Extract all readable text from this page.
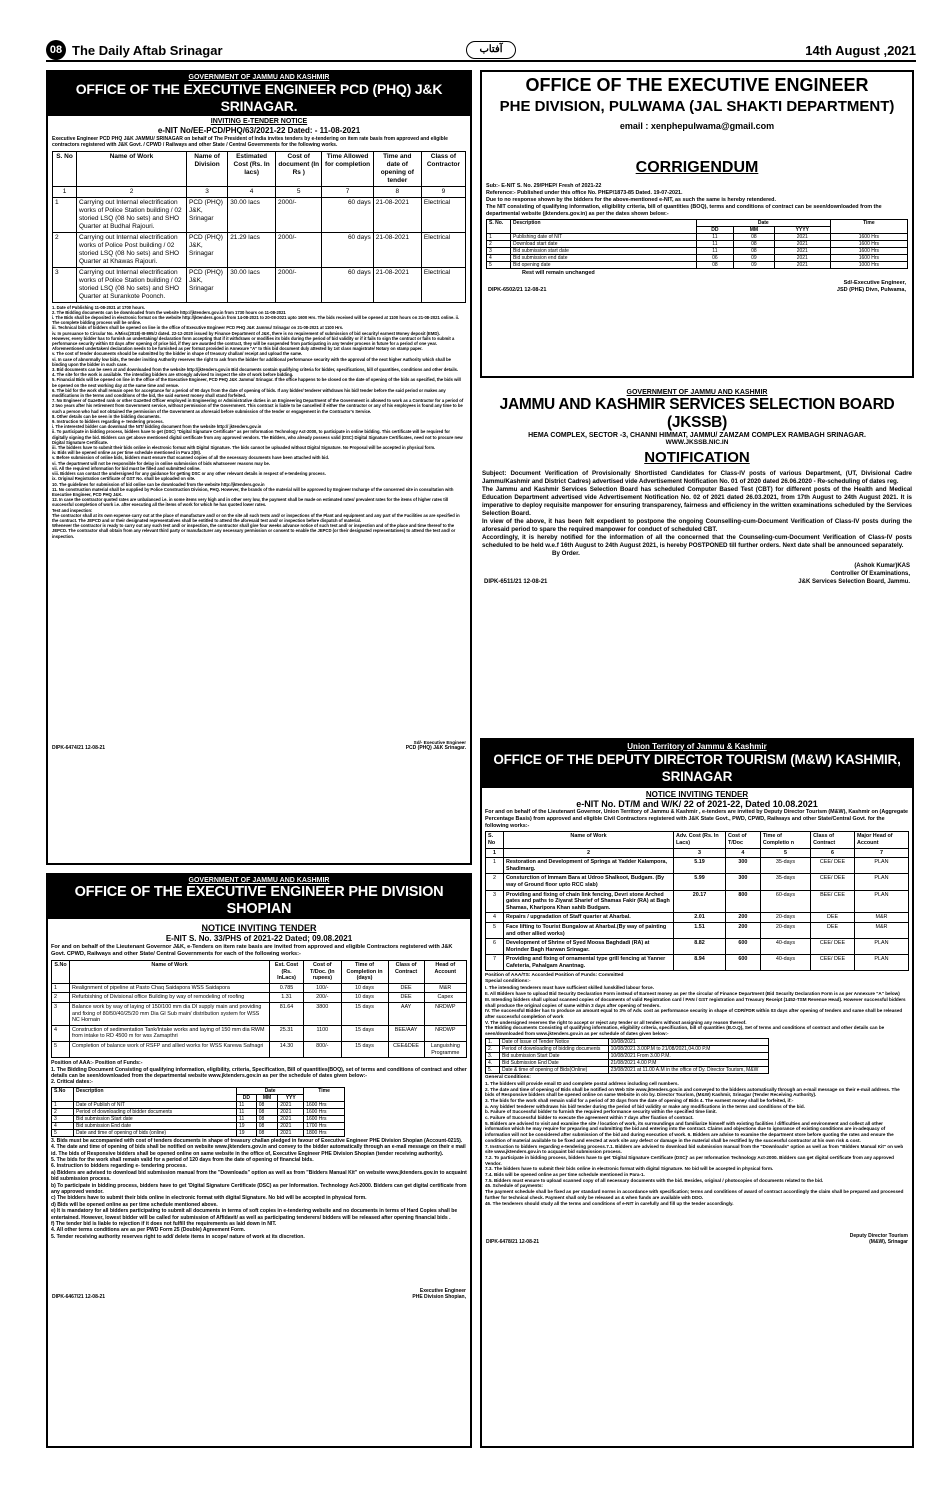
08 The Daily Aftab Srinagar	آفتاب	14th August ,2021
GOVERNMENT OF JAMMU AND KASHMIR
OFFICE OF THE EXECUTIVE ENGINEER PCD (PHQ) J&K SRINAGAR.
INVITING E-TENDER NOTICE
e-NIT No/EE-PCD/PHQ/63/2021-22 Dated: - 11-08-2021

Executive Engineer PCD PHQ J&K JAMMU/ SRINAGAR on behalf of The President of India invites tenders by e-tendering on item rate basis from approved and eligible contractors registered with J&K Govt. / CPWD / Railways and other State / Central Governments for the following works.

S. No	Name of Work	Name of Division	Estimated Cost (Rs. In lacs)	Cost of document (In Rs )	Time Allowed for completion	Time and date of opening of tender	Class of Contractor
1	2	3	4	5	7	8	9
1	Carrying out Internal electrification works of Police Station building / 02 storied LSQ (08 No sets) and SHO Quarter at Budhal Rajouri.	PCD (PHQ) J&K, Srinagar	30.00 lacs	2000/-	60 days	21-08-2021	Electrical
2	Carrying out Internal electrification works of Police Post building / 02 storied LSQ (08 No sets) and SHO Quarter at Khawas Rajouri.	PCD (PHQ) J&K, Srinagar	21.29 lacs	2000/-	60 days	21-08-2021	Electrical
3	Carrying out Internal electrification works of Police Station building / 02 storied LSQ (08 No sets) and SHO Quarter at Surankote Poonch.	PCD (PHQ) J&K, Srinagar	30.00 lacs	2000/-	60 days	21-08-2021	Electrical

1. Date of Publishing 11-08-2021 at 1700 hours.

2. The Bidding documents can be downloaded from the website http://jktenders.gov.in from 1730 hours on 11-08-2021

i. The Bids shall be deposited in electronic format on the website http://jktenders.gov.in from 14-08-2021 to 20-08-2021 upto 1600 Hrs. The bids received will be opened at 1100 hours on 21-08-2021 online. ii. The complete bidding process will be online.

iii. Technical bids of bidders shall be opened on line in the office of Executive Engineer PCD PHQ J&K Jammu/ Srinagar on 21-08-2021 at 1100 Hrs.

iv. In pursuance to Circular No. A/Misc(2018)-III-895/J dated. 22-12-2020 issued by Finance Department of J&K, there is no requirement of submission of bid security/ earnest Money deposit (EMD).

However, every bidder has to furnish an undertaking/ declaration form accepting that if it withdraws or modifies its bids during the period of bid validity or if it fails to sign the contract or fails to submit a performance security within 03 days after opening of price bid, if they are awarded the contract, they will be suspended from participating in any tender process in future for a period of one year. Aforementioned undertaken/ declaration needs to be furnished as per format provided in Annexure "A" to this bid document duly attested by 1st class magistrate/ Notary on stamp paper.

v. The cost of tender documents should be submitted by the bidder in shape of treasury challan/ receipt and upload the same.

vi. In case of abnormally low bids, the tender inviting Authority reserves the right to ask from the bidder for additional performance security with the approval of the next higher Authority which shall be binding upon the bidder in such case.

3. Bid documents can be seen at and downloaded from the website http://jktenders.gov.in Bid documents contain qualifying criteria for bidder, specifications, bill of quantities, conditions and other details.

4. The site for the work is available. The intending bidders are strongly advised to inspect the site of work before bidding.

5. Financial Bids will be opened on line in the office of the Executive Engineer, PCD PHQ J&K Jammu/ Srinagar. If the office happens to be closed on the date of opening of the bids as specified, the bids will be opened on the next working day at the same time and venue.

6. The bid for the work shall remain open for acceptance for a period of 90 days from the date of opening of bids. If any bidder/ tenderer withdraws his bid/ tender before the said period or makes any modifications in the terms and conditions of the bid, the said earnest money shall stand forfeited.

7. No Engineer of Gazetted rank or other Gazetted Officer employed in Engineering or Administrative duties in an Engineering Department of the Government is allowed to work as a Contractor for a period of 2 two years after his retirement from Government service, without permission of the Government. This contract is liable to be cancelled if either the contractor or any of his employees is found any time to be such a person who had not obtained the permission of the Government as aforesaid before submission of the tender or engagement in the Contractor's Service.

8. Other details can be seen in the bidding documents.

9. Instruction to bidders regarding e- tendering process.

i. The interested bidder can download the NIT/ bidding document from the website http:// jktenders.gov.in

ii. To participate in bidding process, bidders have to get (DSC) "Digital Signature Certificate" as per Information Technology Act-2000, to participate in online bidding. This certificate will be required for digitally signing the bid. Bidders can get above mentioned digital certificate from any approved vendors. The Bidders, who already possess valid (DSC) Digital Signature Certificates, need not to procure new Digital Signature Certificate.

iii. The bidders have to submit their bids online in electronic format with Digital Signature. The bids cannot be uploaded without Digital Signature. No Proposal will be accepted in physical form.

iv. Bids will be opened online as per time schedule mentioned in Para 2(III).

v. Before submission of online bids, bidders must ensure that scanned copies of all the necessary documents have been attached with bid.

vi. The department will not be responsible for delay in online submission of bids whatsoever reasons may be.

vii. All the required information for bid must be filled and submitted online.

viii. Bidders can contact the undersigned for any guidance for getting DSC or any other relevant details in respect of e-tendering process.

ix. Original Registration certificate of GST No. shall be uploaded on site.

10. The guidelines for submission of bid online can be downloaded from the website http://jktenders.gov.in

11. No construction material shall be supplied by Police Construction Division, PHQ. However, the brands of the material will be approved by Engineer Incharge of the concerned site in consultation with Executive Engineer, PCD PHQ J&K.

12. In case the contractor quoted rates are unbalanced i.e. in some items very high and in other very low, the payment shall be made on estimated rates/ prevalent rates for the items of higher rates till successful completion of work i.e. after executing all the items of work for which he has quoted lower rates.

Test and inspection:

The contractor shall at its own expense carry out at the place of manufacture and/ or on the site all such tests and/ or inspections of the Plant and equipment and any part of the Facilities as are specified in the contract. The JEPCD and or their designated representatives shall be entitled to attend the aforesaid test and/ or inspection before dispatch of material.

Whenever the contractor is ready to carry out any such test and/ or inspection, the contractor shall give four weeks advance notice of such test and/ or inspection and of the place and time thereof to the JEPCD. The contractor shall obtain from any relevant third party or manufacturer any necessary permission or consent to enable the JEPCD (or their designated representatives) to attend the test and/ or inspection.

Sd/- Executive Engineer
DIPK-6474/21 12-08-21	PCD (PHQ) J&K Srinagar.
OFFICE OF THE EXECUTIVE ENGINEER
PHE DIVISION, PULWAMA (JAL SHAKTI DEPARTMENT)
email : xenphepulwama@gmail.com
CORRIGENDUM

Sub:- E-NIT S. No. 29/PHEP/ Fresh of 2021-22

Reference:- Published under this office No. PHEP/1873-85 Dated. 19-07-2021.

Due to no response shown by the bidders for the above-mentioned e-NIT, as such the same is hereby retendered.

The NIT consisting of qualifying information, eligibility criteria, bill of quantities (BOQ), terms and conditions of contract can be seen/downloaded from the departmental website (jktenders.gov.in) as per the dates shown below:-

S. No.	Description	Date			Time
		DD	MM	YYYY	
1	Publishing date of NIT	11	08	2021	1600 Hrs
2	Download start date	11	08	2021	1600 Hrs
3	Bid submission start date	11	08	2021	1600 Hrs
4	Bid submission end date	06	09	2021	1600 Hrs
5	Bid opening date	08	09	2021	1000 Hrs
Rest will remain unchanged
Sd/-Executive Engineer,
DIPK-6502/21 12-08-21	JSD (PHE) Divn, Pulwama,
GOVERNMENT OF JAMMU AND KASHMIR
JAMMU AND KASHMIR SERVICES SELECTION BOARD (JKSSB)
HEMA COMPLEX, SECTOR -3, CHANNI HIMMAT, JAMMU/ ZAMZAM COMPLEX RAMBAGH SRINAGAR.
WWW.JKSSB.NIC.IN
NOTIFICATION

Subject: Document Verification of Provisionally Shortlisted Candidates for Class-IV posts of various Department, (UT, Divisional Cadre Jammu/Kashmir and District Cadres) advertised vide Advertisement Notification No. 01 of 2020 dated 26.06.2020 - Re-scheduling of dates reg.

The Jammu and Kashmir Services Selection Board has scheduled Computer Based Test (CBT) for different posts of the Health and Medical Education Department advertised vide Advertisement Notification No. 02 of 2021 dated 26.03.2021, from 17th August to 24th August 2021. It is imperative to deploy requisite manpower for ensuring transparency, fairness and efficiency in the written examinations scheduled by the Services Selection Board.

In view of the above, it has been felt expedient to postpone the ongoing Counselling-cum-Document Verification of Class-IV posts during the aforesaid period to spare the required manpower for conduct of scheduled CBT.

Accordingly, it is hereby notified for the information of all the concerned that the Counseling-cum-Document Verification of Class-IV posts scheduled to be held w.e.f 16th August to 24th August 2021, is hereby POSTPONED till further orders. Next date shall be announced separately.

By Order.

(Ashok Kumar)KAS
Controller Of Examinations,
DIPK-6511/21 12-08-21	J&K Services Selection Board, Jammu.
GOVERNMENT OF JAMMU AND KASHMIR
OFFICE OF THE EXECUTIVE ENGINEER PHE DIVISION SHOPIAN
NOTICE INVITING TENDER
E-NIT S. No. 33/PHS of 2021-22 Dated; 09.08.2021

For and on behalf of the Lieutenant Governor J&K, e-Tenders on item rate basis are invited from approved and eligible Contractors registered with J&K Govt. CPWD, Railways and other State/ Central Governments for each of the following works:-

S.No	Name of Work	Est. Cost (Rs. InLacs)	Cost of T/Doc. (In rupees)	Time of Completion in (days)	Class of Contract	Head of Account
1	Realignment of pipeline at Pasto Chaq Saidapora WSS Saidapora	0.785	100/-	10 days	DEE	M&R
2	Refurbishing of Divisional office Building by way of remodeling of roofing	1.31	200/-	10 days	DEE	Capex
3	Balance work by way of laying of 150/100 mm dia DI supply main and providing and fixing of 80/50/40/25/20 mm Dia GI Sub main/ distribution system for WSS NC Hornain	81.64	3800	15 days	AAY	NRDWP
4	Construction of sedimentation Tank/Intake works and laying of 150 mm dia RWM from intake to RD 4500 m for wss Zamapthri	25.31	1100	15 days	BEE/AAY	NRDWP
5	Completion of balance work of RSFP and allied works for WSS Karewa Safnagri	14.30	800/-	15 days	CEE&DEE	Languishing Programme

Position of AAA:- Position of Funds:-

1. The Bidding Document Consisting of qualifying information, eligibility, criteria, Specification, Bill of quantities(BOQ), set of terms and conditions of contract and other details can be seen/downloaded from the departmental website www.jktenders.gov.in as per the schedule of dates given below:-

2. Critical dates:-

S.No	Description	Date			Time
		DD	MM	YYY	
1	Date of Publish of NIT	11	08	2021	1600 Hrs
2	Period of downloading of bidder documents	11	08	2021	1600 Hrs
3	Bid submission Start date	11	08	2021	1600 Hrs
4	Bid submission End date	19	08	2021	1700 Hrs
5	Date and time of opening of bids (online)	19	08	2021	1800 Hrs

3. Bids must be accompanied with cost of tenders documents in shape of treasury challan pledged in favour of Executive Engineer PHE Division Shopian (Account-0215).

4. The date and time of opening of bids shall be notified on website www.jktenders.gov.in and convey to the bidder automatically through an e-mail message on their e mail id. The bids of Responsive bidders shall be opened online on same website in the office of, Executive Engineer PHE Division Shopian (tender receiving authority).

5. The bids for the work shall remain valid for a period of 120 days from the date of opening of financial bids.

6. Instruction to bidders regarding e- tendering process.

a) Bidders are advised to download bid submission manual from the "Downloads" option as well as from "Bidders Manual Kit" on website www.jktenders.gov.in to acquaint bid submission process.

b) To participate in bidding process, bidders have to get 'Digital Signature Certificate (DSC) as per Information. Technology Act-2000. Bidders can get digital certificate from any approved vendor.

c) The bidders have to submit their bids online in electronic format with digital Signature. No bid will be accepted in physical form.

d) Bids will be opened online as per time schedule mentioned above.

e) It is mandatory for all bidders participating to submit all documents in terms of soft copies in e-tendering website and no documents in terms of Hard Copies shall be entertained. However, lowest bidder will be called for submission of Affidavit/ as well as participating tenderers/ bidders will be released after opening financial bids .

f) The tender bid is liable to rejection if it does not fulfill the requirements as laid down in NIT.

4. All other terms conditions are as per PWD Form 25 (Double) Agreement Form.

5. Tender receiving authority reserves right to add/ delete items in scope/ nature of work at its discretion.

Executive Engineer
DIPK-6467/21 12-08-21	PHE Division Shopian,
Union Territory of Jammu & Kashmir
OFFICE OF THE DEPUTY DIRECTOR TOURISM (M&W) KASHMIR, SRINAGAR
NOTICE INVITING TENDER
e-NIT No. DT/M and W/K/ 22 of 2021-22, Dated 10.08.2021

For and on behalf of the Lieutenant Governor, Union Territory of Jammu & Kashmir , e-tenders are invited by Deputy Director Tourism (M&W), Kashmir on (Aggregate Percentage Basis) from approved and eligible Civil Contractors registered with J&K State Govt., PWD, CPWD, Railways and other State/Central Govt. for the following works:-

S. No	Name of Work	Adv. Cost (Rs. In Lacs)	Cost of T/Doc	Time of Completio n	Class of Contract	Major Head of Account
1	2	3	4	5	6	7
1	Restoration and Development of Springs at Yadder Kalampora, Shadimarg.	5.19	300	35-days	CEE/ DEE	PLAN
2	Consturction of Immam Bara at Udroo Shalkoot, Budgam. (By way of Ground floor upto RCC slab)	5.99	300	35-days	CEE/ DEE	PLAN
3	Providing and fixing of chain link fencing, Devri stone Arched gates and paths to Ziyarat Sharief of Shamas Fakir (RA) at Bagh Shamas, Kharipora Khan sahib Budgam.	20.17	800	60-days	BEE/ CEE	PLAN
4	Repairs / upgradation of Staff quarter at Aharbal.	2.01	200	20-days	DEE	M&R
5	Face lifting to Tourist Bungalow at Aharbal.(By way of painting and other allied works)	1.51	200	20-days	DEE	M&R
6	Development of Shrine of Syed Moosa Baghdadi (RA) at Morinder Bagh Harwan Srinagar.	8.82	600	40-days	CEE/ DEE	PLAN
7	Providing and fixing of ornamental type grill fencing at Yanner Cafeteria, Pahalgam Anantnag.	8.94	600	40-days	CEE/ DEE	PLAN

Position of AAA/TS: Accorded Position of Funds: Committed

Special conditions:-

I. The intending tenderers must have sufficient skilled /unskilled labour force.

II. All Bidders have to upload Bid Security Declaration Form instead of Earnest money as per the circular of Finance Department (Bid Security Declaration Form is as per Annexure "A" below)

III. Intending bidders shall upload scanned copies of documents of valid Registration card / PAN / GST registration and Treasury Receipt (1452-TSM Revenue Head). However successful bidders shall produce the original copies of same within 3 days after opening of tenders.

IV. The successful Bidder has to produce an amount equal to 3% of Adv. cost as performance security in shape of CDR/FDR within 03 days after opening of tenders and same shall be released after successful completion of work

V. The undersigned reserves the right to accept or reject any tender or all tenders without assigning any reason thereof.

The Bidding documents Consisting of qualifying information, eligibility criteria, specification, bill of quantities (B.O.Q), Set of terms and conditions of contract and other details can be seen/downloaded from www.jktenders.gov.in as per schedule of dates given below:-

1.	Date of Issue of Tender Notice	10/08/2021
2.	Period of downloading of bidding documents	10/08/2021 3.00P.M to 21/08/2021,04.00 P.M
3.	Bid submission Start Date	10/08/2021 From 3.00 P.M.
4.	Bid Submission End Date	21/08/2021 4.00 P.M
5.	Date & time of opening of Bids(Online)	23/08/2021 at 11.00 A.M in the office of Dy. Director Tourism, M&W
General Conditions:

1. The bidders will provide email ID and complete postal address including cell numbers.

2. The date and time of opening of Bids shall be notified on Web Site www.jktenders.gov.in and conveyed to the bidders automatically through an e-mail message on their e-mail address. The bids of Responsive bidders shall be opened online on same Website in o/o by. Director Tourism, (M&W) Kashmir, Srinagar (Tender Receiving Authority).

3. The bids for the work shall remain valid for a period of 30 days from the date of opening of Bids 4. The earnest money shall be forfeited, if:-

a. Any bidder/ tenderer withdraws his bid/ tender during the period of bid validity or make any modifications in the terms and conditions of the bid.

b. Failure of Successful bidder to furnish the required performance security within the specified time limit.

c. Failure of Successful bidder to execute the agreement within 7 days after fixation of contract.

5. Bidders are advised to visit and examine the site / location of work, its surroundings and familiarize himself with existing facilities / difficulties and environment and collect all other information which he may require for preparing and submitting the bid and entering into the contract. Claims and objections due to ignorance of existing conditions are in-adequacy of information will not be considered after submission of the bid and during execution of work. 6. Bidders are advise to examine the department store before quoting the rates and ensure the condition of material available to be fixed and erected at work site any defect or damage in the material shall be rectified by the successful contractor at his own risk & cost.

7. Instruction to bidders regarding e-tendering process.7.1. Bidders are advised to download bid submission manual from the "Downloads" option as well as from "Bidders Manual Kit" on web site www.jktenders.gov.in to acquaint bid submission process.

7.2. To participate in bidding process, bidders have to get 'Digital Signature Certificate (DSC)' as per Information Technology Act-2000. Bidders can get digital certificate from any approved Vendor.

7.3. The bidders have to submit their bids online in electronic format with digital Signature. No bid will be accepted in physical form.

7.4. Bids will be opened online as per time schedule mentioned in Para-1.

7.5. Bidders must ensure to upload scanned copy of all necessary documents with the bid. Besides, original / photocopies of documents related to the bid.

45. Schedule of payments:

The payment schedule shall be fixed as per standard norms in accordance with specification; terms and conditions of award of contract accordingly the claim shall be prepared and processed further for technical check. Payment shall only be released as & when funds are available with DDO.

46. The tenderers should study all the terms and conditions of e-NIT in carefully and fill up the tender accordingly.

Deputy Director Tourism
DIPK-6478/21 12-08-21	(M&W), Srinagar
